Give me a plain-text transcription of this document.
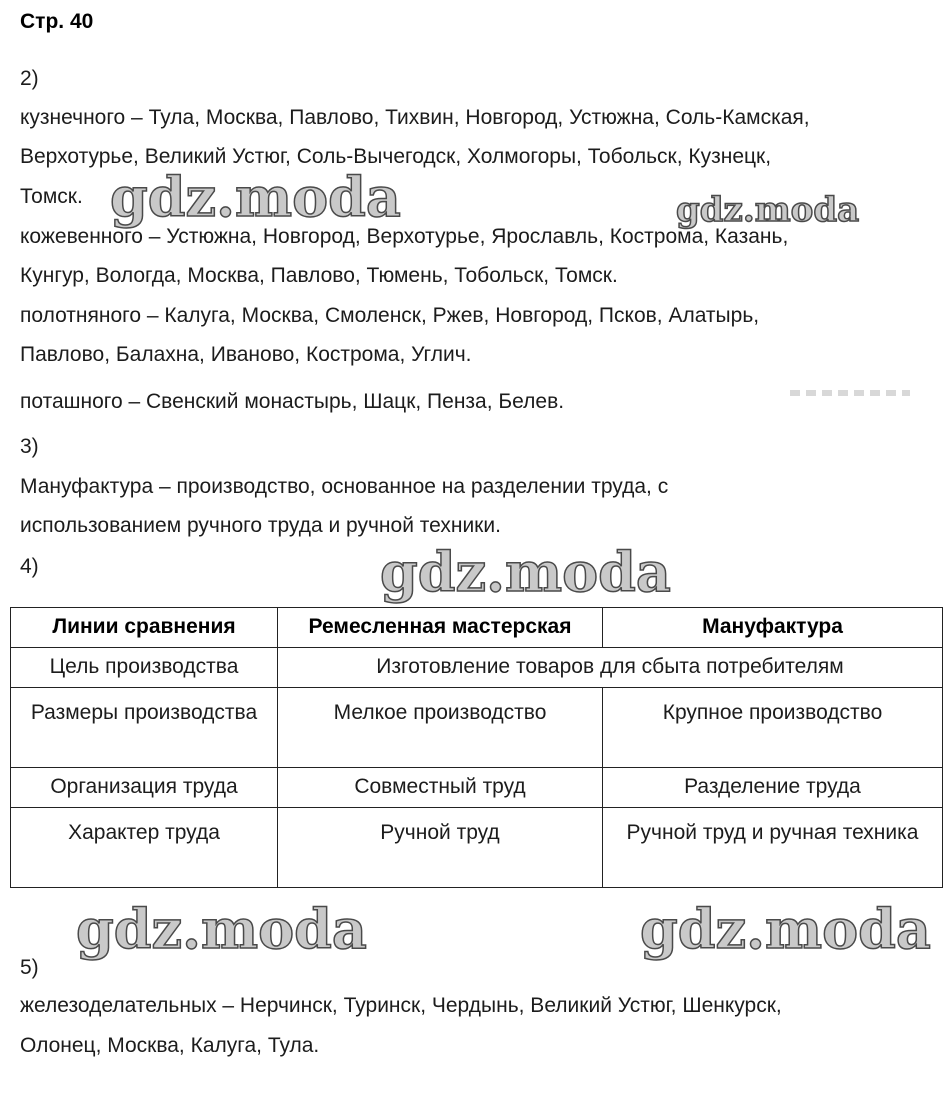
Стр. 40
2)
кузнечного – Тула, Москва, Павлово, Тихвин, Новгород, Устюжна, Соль-Камская,
Верхотурье, Великий Устюг, Соль-Вычегодск, Холмогоры, Тобольск, Кузнецк,
Томск.
кожевенного – Устюжна, Новгород, Верхотурье, Ярославль, Кострома, Казань,
Кунгур, Вологда, Москва, Павлово, Тюмень, Тобольск, Томск.
полотняного – Калуга, Москва, Смоленск, Ржев, Новгород, Псков, Алатырь,
Павлово, Балахна, Иваново, Кострома, Углич.
поташного – Свенский монастырь, Шацк, Пенза, Белев.
3)
Мануфактура – производство, основанное на разделении труда, с
использованием ручного труда и ручной техники.
4)
Линии сравнения	Ремесленная мастерская	Мануфактура
Цель производства	Изготовление товаров для сбыта потребителям	
Размеры производства	Мелкое производство	Крупное производство
Организация труда	Совместный труд	Разделение труда
Характер труда	Ручной труд	Ручной труд и ручная техника
5)
железоделательных – Нерчинск, Туринск, Чердынь, Великий Устюг, Шенкурск,
Олонец, Москва, Калуга, Тула.
gdz.moda	gdz.moda
gdz.moda
gdz.moda	gdz.moda
